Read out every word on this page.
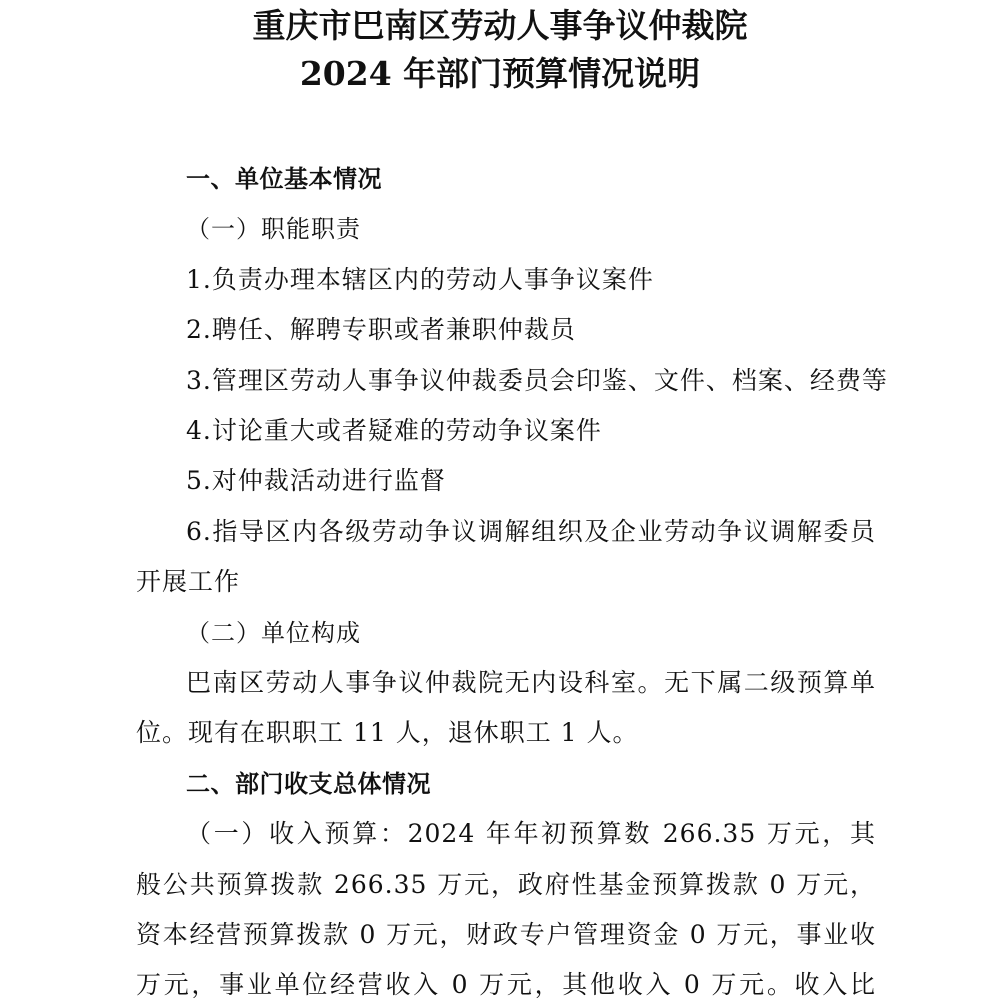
重庆市巴南区劳动人事争议仲裁院
2024 年部门预算情况说明
一、单位基本情况
（一）职能职责
1.负责办理本辖区内的劳动人事争议案件
2.聘任、解聘专职或者兼职仲裁员
3.管理区劳动人事争议仲裁委员会印鉴、文件、档案、经费等
4.讨论重大或者疑难的劳动争议案件
5.对仲裁活动进行监督
6.指导区内各级劳动争议调解组织及企业劳动争议调解委员
开展工作
（二）单位构成
巴南区劳动人事争议仲裁院无内设科室。无下属二级预算单
位。现有在职职工 11 人，退休职工 1 人。
二、部门收支总体情况
（一）收入预算：2024 年年初预算数 266.35 万元，其
般公共预算拨款 266.35 万元，政府性基金预算拨款 0 万元，
资本经营预算拨款 0 万元，财政专户管理资金 0 万元，事业收
万元，事业单位经营收入 0 万元，其他收入 0 万元。收入比
